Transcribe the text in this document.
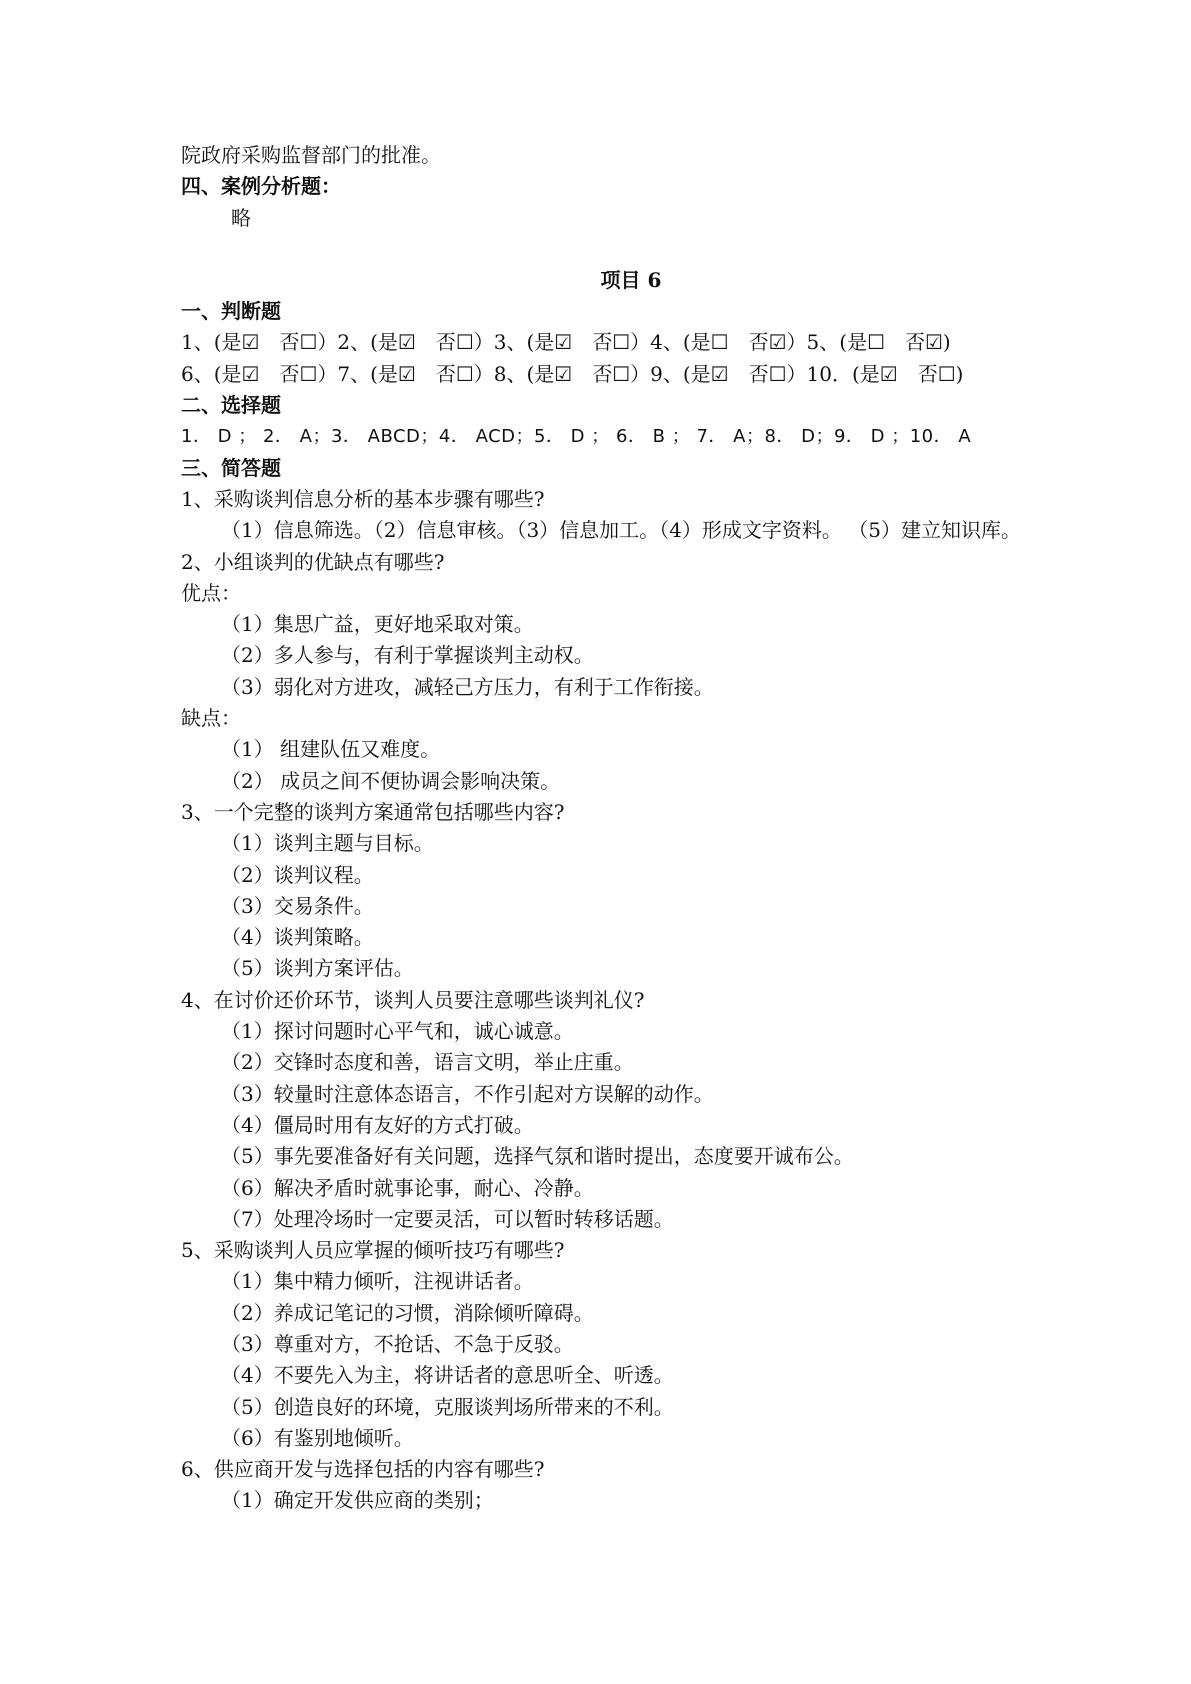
院政府采购监督部门的批准。
四、案例分析题：
略
项目 6
一、判断题
1、(是☑　否☐）2、(是☑　否☐）3、(是☑　否☐）4、(是☐　否☑）5、(是☐　否☑)
6、(是☑　否☐）7、(是☑　否☐）8、(是☑　否☐）9、(是☑　否☐）10．(是☑　否☐)
二、选择题
1． D ； 2． A；3． ABCD；4． ACD；5． D ； 6． B ； 7． A；8． D；9． D ；10． A
三、简答题
1、采购谈判信息分析的基本步骤有哪些?
（1）信息筛选。（2）信息审核。（3）信息加工。（4）形成文字资料。 （5）建立知识库。
2、小组谈判的优缺点有哪些?
优点：
（1）集思广益，更好地采取对策。
（2）多人参与，有利于掌握谈判主动权。
（3）弱化对方进攻，减轻己方压力，有利于工作衔接。
缺点：
（1） 组建队伍又难度。
（2） 成员之间不便协调会影响决策。
3、一个完整的谈判方案通常包括哪些内容?
（1）谈判主题与目标。
（2）谈判议程。
（3）交易条件。
（4）谈判策略。
（5）谈判方案评估。
4、在讨价还价环节，谈判人员要注意哪些谈判礼仪?
（1）探讨问题时心平气和，诚心诚意。
（2）交锋时态度和善，语言文明，举止庄重。
（3）较量时注意体态语言，不作引起对方误解的动作。
（4）僵局时用有友好的方式打破。
（5）事先要准备好有关问题，选择气氛和谐时提出，态度要开诚布公。
（6）解决矛盾时就事论事，耐心、冷静。
（7）处理冷场时一定要灵活，可以暂时转移话题。
5、采购谈判人员应掌握的倾听技巧有哪些?
（1）集中精力倾听，注视讲话者。
（2）养成记笔记的习惯，消除倾听障碍。
（3）尊重对方，不抢话、不急于反驳。
（4）不要先入为主，将讲话者的意思听全、听透。
（5）创造良好的环境，克服谈判场所带来的不利。
（6）有鉴别地倾听。
6、供应商开发与选择包括的内容有哪些?
（1）确定开发供应商的类别；
